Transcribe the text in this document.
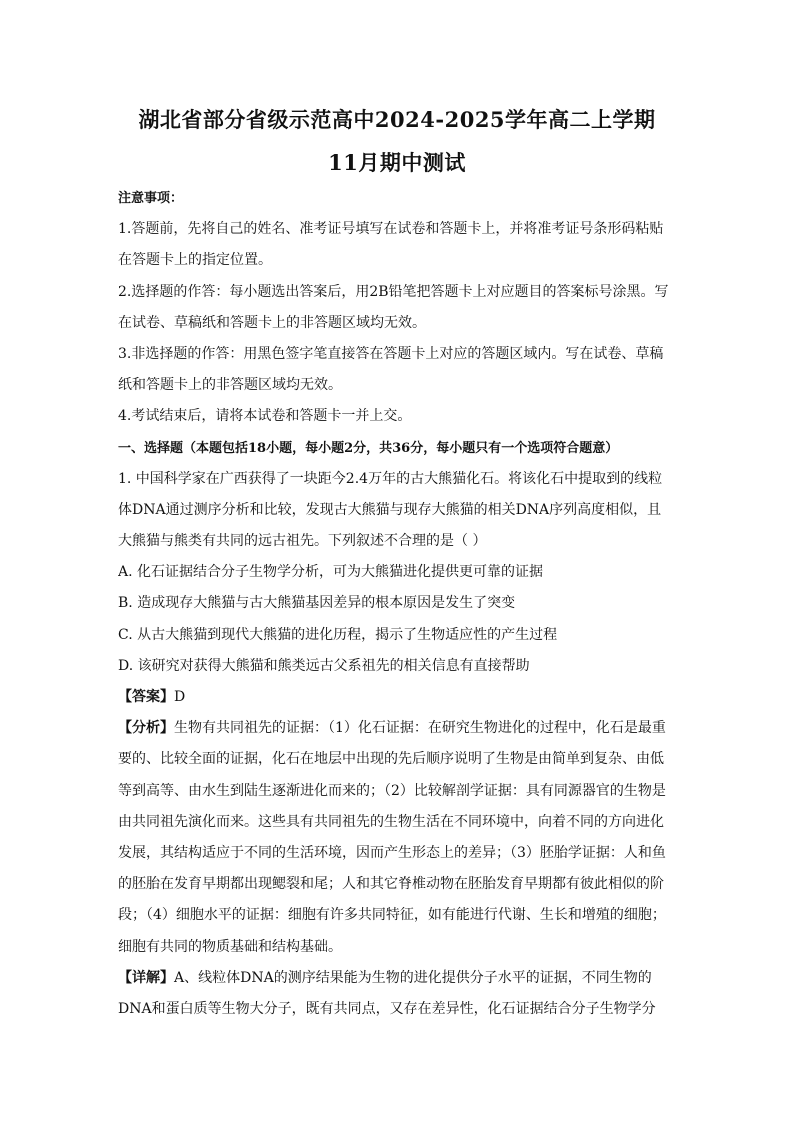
湖北省部分省级示范高中2024-2025学年高二上学期
11月期中测试
注意事项：
1.答题前，先将自己的姓名、准考证号填写在试卷和答题卡上，并将准考证号条形码粘贴
在答题卡上的指定位置。
2.选择题的作答：每小题选出答案后，用2B铅笔把答题卡上对应题目的答案标号涂黑。写
在试卷、草稿纸和答题卡上的非答题区域均无效。
3.非选择题的作答：用黑色签字笔直接答在答题卡上对应的答题区域内。写在试卷、草稿
纸和答题卡上的非答题区域均无效。
4.考试结束后，请将本试卷和答题卡一并上交。
一、选择题（本题包括18小题，每小题2分，共36分，每小题只有一个选项符合题意）
1. 中国科学家在广西获得了一块距今2.4万年的古大熊猫化石。将该化石中提取到的线粒
体DNA通过测序分析和比较，发现古大熊猫与现存大熊猫的相关DNA序列高度相似，且
大熊猫与熊类有共同的远古祖先。下列叙述不合理的是（ ）
A. 化石证据结合分子生物学分析，可为大熊猫进化提供更可靠的证据
B. 造成现存大熊猫与古大熊猫基因差异的根本原因是发生了突变
C. 从古大熊猫到现代大熊猫的进化历程，揭示了生物适应性的产生过程
D. 该研究对获得大熊猫和熊类远古父系祖先的相关信息有直接帮助
【答案】D
【分析】生物有共同祖先的证据：（1）化石证据：在研究生物进化的过程中，化石是最重
要的、比较全面的证据，化石在地层中出现的先后顺序说明了生物是由简单到复杂、由低
等到高等、由水生到陆生逐渐进化而来的；（2）比较解剖学证据：具有同源器官的生物是
由共同祖先演化而来。这些具有共同祖先的生物生活在不同环境中，向着不同的方向进化
发展，其结构适应于不同的生活环境，因而产生形态上的差异；（3）胚胎学证据：人和鱼
的胚胎在发育早期都出现鳃裂和尾；人和其它脊椎动物在胚胎发育早期都有彼此相似的阶
段；（4）细胞水平的证据：细胞有许多共同特征，如有能进行代谢、生长和增殖的细胞；
细胞有共同的物质基础和结构基础。
【详解】A、线粒体DNA的测序结果能为生物的进化提供分子水平的证据，不同生物的
DNA和蛋白质等生物大分子，既有共同点，又存在差异性，化石证据结合分子生物学分
